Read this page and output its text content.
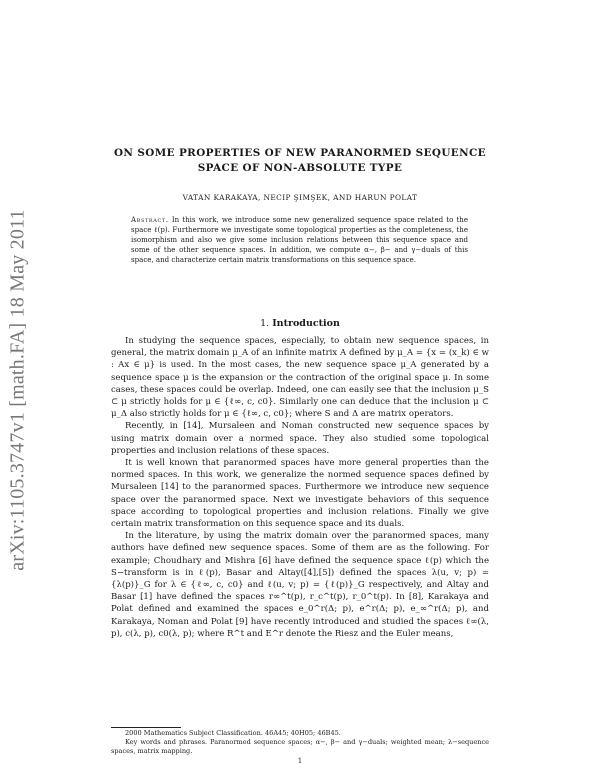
arXiv:1105.3747v1 [math.FA] 18 May 2011
ON SOME PROPERTIES OF NEW PARANORMED SEQUENCE
SPACE OF NON-ABSOLUTE TYPE
VATAN KARAKAYA, NECIP ŞIMŞEK, AND HARUN POLAT
Abstract. In this work, we introduce some new generalized sequence space related to the space ℓ(p). Furthermore we investigate some topological properties as the completeness, the isomorphism and also we give some inclusion relations between this sequence space and some of the other sequence spaces. In addition, we compute α−, β− and γ−duals of this space, and characterize certain matrix transformations on this sequence space.
1. Introduction

In studying the sequence spaces, especially, to obtain new sequence spaces, in general, the matrix domain μ_A of an infinite matrix A defined by μ_A = {x = (x_k) ∈ w : Ax ∈ μ} is used. In the most cases, the new sequence space μ_A generated by a sequence space μ is the expansion or the contraction of the original space μ. In some cases, these spaces could be overlap. Indeed, one can easily see that the inclusion μ_S ⊂ μ strictly holds for μ ∈ {ℓ∞, c, c0}. Similarly one can deduce that the inclusion μ ⊂ μ_Δ also strictly holds for μ ∈ {ℓ∞, c, c0}; where S and Δ are matrix operators.

Recently, in [14], Mursaleen and Noman constructed new sequence spaces by using matrix domain over a normed space. They also studied some topological properties and inclusion relations of these spaces.

It is well known that paranormed spaces have more general properties than the normed spaces. In this work, we generalize the normed sequence spaces defined by Mursaleen [14] to the paranormed spaces. Furthermore we introduce new sequence space over the paranormed space. Next we investigate behaviors of this sequence space according to topological properties and inclusion relations. Finally we give certain matrix transformation on this sequence space and its duals.

In the literature, by using the matrix domain over the paranormed spaces, many authors have defined new sequence spaces. Some of them are as the following. For example; Choudhary and Mishra [6] have defined the sequence space ℓ(p) which the S−transform is in ℓ(p), Basar and Altay([4],[5]) defined the spaces λ(u, v; p) = {λ(p)}_G for λ ∈ {ℓ∞, c, c0} and ℓ(u, v; p) = {ℓ(p)}_G respectively, and Altay and Basar [1] have defined the spaces r∞^t(p), r_c^t(p), r_0^t(p). In [8], Karakaya and Polat defined and examined the spaces e_0^r(Δ; p), e^r(Δ; p), e_∞^r(Δ; p), and Karakaya, Noman and Polat [9] have recently introduced and studied the spaces ℓ∞(λ, p), c(λ, p), c0(λ, p); where R^t and E^r denote the Riesz and the Euler means,

2000 Mathematics Subject Classification. 46A45; 40H05; 46B45.

Key words and phrases. Paranormed sequence spaces; α−, β− and γ−duals; weighted mean; λ−sequence spaces, matrix mapping.

1
